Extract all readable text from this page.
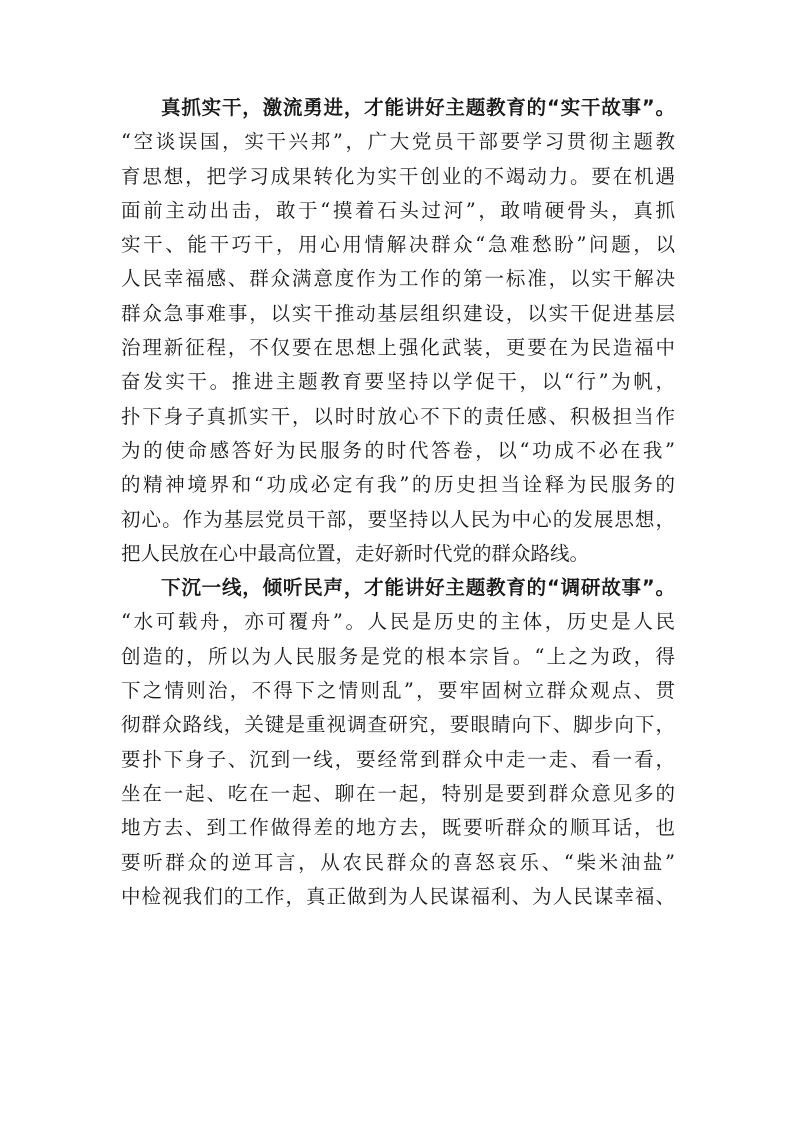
真抓实干，激流勇进，才能讲好主题教育的“实干故事”。
“空谈误国，实干兴邦”，广大党员干部要学习贯彻主题教
育思想，把学习成果转化为实干创业的不竭动力。要在机遇
面前主动出击，敢于“摸着石头过河”，敢啃硬骨头，真抓
实干、能干巧干，用心用情解决群众“急难愁盼”问题，以
人民幸福感、群众满意度作为工作的第一标准，以实干解决
群众急事难事，以实干推动基层组织建设，以实干促进基层
治理新征程，不仅要在思想上强化武装，更要在为民造福中
奋发实干。推进主题教育要坚持以学促干，以“行”为帆，
扑下身子真抓实干，以时时放心不下的责任感、积极担当作
为的使命感答好为民服务的时代答卷，以“功成不必在我”
的精神境界和“功成必定有我”的历史担当诠释为民服务的
初心。作为基层党员干部，要坚持以人民为中心的发展思想，
把人民放在心中最高位置，走好新时代党的群众路线。
下沉一线，倾听民声，才能讲好主题教育的“调研故事”。
“水可载舟，亦可覆舟”。人民是历史的主体，历史是人民
创造的，所以为人民服务是党的根本宗旨。“上之为政，得
下之情则治，不得下之情则乱”，要牢固树立群众观点、贯
彻群众路线，关键是重视调查研究，要眼睛向下、脚步向下，
要扑下身子、沉到一线，要经常到群众中走一走、看一看，
坐在一起、吃在一起、聊在一起，特别是要到群众意见多的
地方去、到工作做得差的地方去，既要听群众的顺耳话，也
要听群众的逆耳言，从农民群众的喜怒哀乐、“柴米油盐”
中检视我们的工作，真正做到为人民谋福利、为人民谋幸福、
